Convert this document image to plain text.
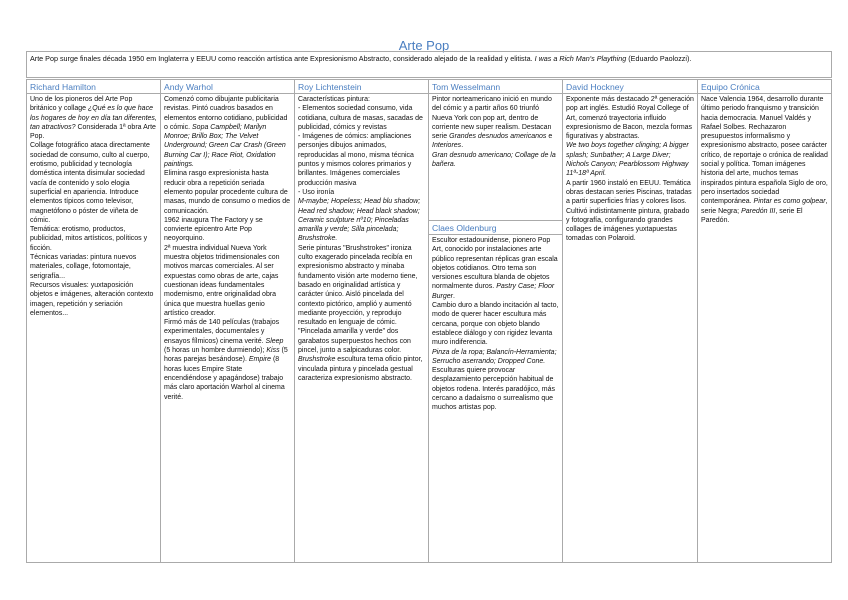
Arte Pop
Arte Pop surge finales década 1950 em Inglaterra y EEUU como reacción artística ante Expresionismo Abstracto, considerado alejado de la realidad y elitista. I was a Rich Man's Plaything (Eduardo Paolozzi).
Richard Hamilton

Uno de los pioneros del Arte Pop británico y collage ¿Qué es lo que hace los hogares de hoy en día tan diferentes, tan atractivos? Considerada 1ª obra Arte Pop.

Collage fotográfico ataca directamente sociedad de consumo, culto al cuerpo, erotismo, publicidad y tecnología doméstica intenta disimular sociedad vacía de contenido y solo elogia superficial en apariencia. Introduce elementos típicos como televisor, magnetófono o póster de viñeta de cómic.

Temática: erotismo, productos, publicidad, mitos artísticos, políticos y ficción.

Técnicas variadas: pintura nuevos materiales, collage, fotomontaje, serigrafía...

Recursos visuales: yuxtaposición objetos e imágenes, alteración contexto imagen, repetición y seriación elementos...

Andy Warhol

Comenzó como dibujante publicitaria revistas. Pintó cuadros basados en elementos entorno cotidiano, publicidad o cómic. Sopa Campbell; Marilyn Monroe; Brillo Box; The Velvet Underground; Green Car Crash (Green Burning Car I); Race Riot, Oxidation paintings.

Elimina rasgo expresionista hasta reducir obra a repetición seriada elemento popular procedente cultura de masas, mundo de consumo o medios de comunicación.

1962 inaugura The Factory y se convierte epicentro Arte Pop neoyorquino.

2ª muestra individual Nueva York muestra objetos tridimensionales con motivos marcas comerciales. Al ser expuestas como obras de arte, cajas cuestionan ideas fundamentales modernismo, entre originalidad obra única que muestra huellas genio artístico creador.

Firmó más de 140 películas (trabajos experimentales, documentales y ensayos fílmicos) cinema verité. Sleep (5 horas un hombre durmiendo); Kiss (5 horas parejas besándose). Empire (8 horas luces Empire State encendiéndose y apagándose) trabajo más claro aportación Warhol al cinema verité.

Roy Lichtenstein

Características pintura:

- Elementos sociedad consumo, vida cotidiana, cultura de masas, sacadas de publicidad, cómics y revistas

- Imágenes de cómics: ampliaciones personjes dibujos animados, reproducidas al mono, misma técnica puntos y mismos colores primarios y brillantes. Imágenes comerciales producción masiva

- Uso ironía

M-maybe; Hopeless; Head blu shadow; Head red shadow; Head black shadow; Ceramic sculpture nº10; Pinceladas amarilla y verde; Silla pincelada; Brushstroke.

Serie pinturas "Brushstrokes" ironiza culto exagerado pincelada recibía en expresionismo abstracto y minaba fundamento visión arte moderno tiene, basado en originalidad artística y carácter único. Aisló pincelada del contexto pictórico, amplió y aumentó mediante proyección, y reprodujo resultado en lenguaje de cómic. "Pincelada amarilla y verde" dos garabatos superpuestos hechos con pincel, junto a salpicaduras color.

Brushstroke escultura tema oficio pintor, vinculada pintura y pincelada gestual caracteriza expresionismo abstracto.

Tom Wesselmann

Pintor norteamericano inició en mundo del cómic y a partir años 60 triunfó Nueva York con pop art, dentro de corriente new super realism. Destacan serie Grandes desnudos americanos e Interiores.

Gran desnudo americano; Collage de la bañera.

Claes Oldenburg

Escultor estadounidense, pionero Pop Art, conocido por instalaciones arte público representan réplicas gran escala objetos cotidianos. Otro tema son versiones escultura blanda de objetos normalmente duros. Pastry Case; Floor Burger.

Cambio duro a blando incitación al tacto, modo de querer hacer escultura más cercana, porque con objeto blando establece diálogo y con rigidez levanta muro indiferencia.

Pinza de la ropa; Balancín-Herramienta; Serrucho aserrando; Dropped Cone.

Esculturas quiere provocar desplazamiento percepción habitual de objetos rodena. Interés paradójico, más cercano a dadaísmo o surrealismo que muchos artistas pop.

David Hockney

Exponente más destacado 2ª generación pop art inglés. Estudió Royal College of Art, comenzó trayectoria influido expresionismo de Bacon, mezcla formas figurativas y abstractas.

We two boys together clinging; A bigger splash; Sunbather; A Large Diver; Nichols Canyon; Pearblossom Highway 11ª-18ª April.

A partir 1960 instaló en EEUU. Temática obras destacan series Piscinas, tratadas a partir superficies frías y colores lisos.

Cultivó indistintamente pintura, grabado y fotografía, configurando grandes collages de imágenes yuxtapuestas tomadas con Polaroid.

Equipo Crónica

Nace Valencia 1964, desarrollo durante último periodo franquismo y transición hacia democracia. Manuel Valdés y Rafael Solbes. Rechazaron presupuestos informalismo y expresionismo abstracto, posee carácter crítico, de reportaje o crónica de realidad social y política. Toman imágenes historia del arte, muchos temas inspirados pintura española Siglo de oro, pero insertados sociedad contemporánea. Pintar es como golpear, serie Negra; Paredón III, serie El Paredón.
